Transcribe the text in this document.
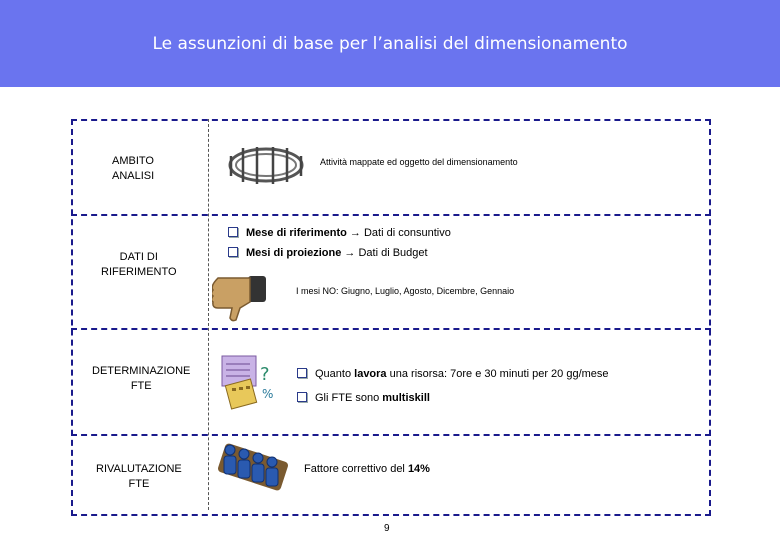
Le assunzioni di base per l’analisi del dimensionamento
AMBITO
ANALISI
Attività mappate ed oggetto del dimensionamento
DATI DI
RIFERIMENTO
Mese di riferimento → Dati di consuntivo
Mesi di proiezione → Dati di Budget
I mesi NO: Giugno, Luglio, Agosto, Dicembre, Gennaio
DETERMINAZIONE
FTE
?
%
Quanto lavora una risorsa: 7ore e 30 minuti per 20 gg/mese
Gli FTE sono multiskill
RIVALUTAZIONE
FTE
Fattore correttivo del 14%
9
